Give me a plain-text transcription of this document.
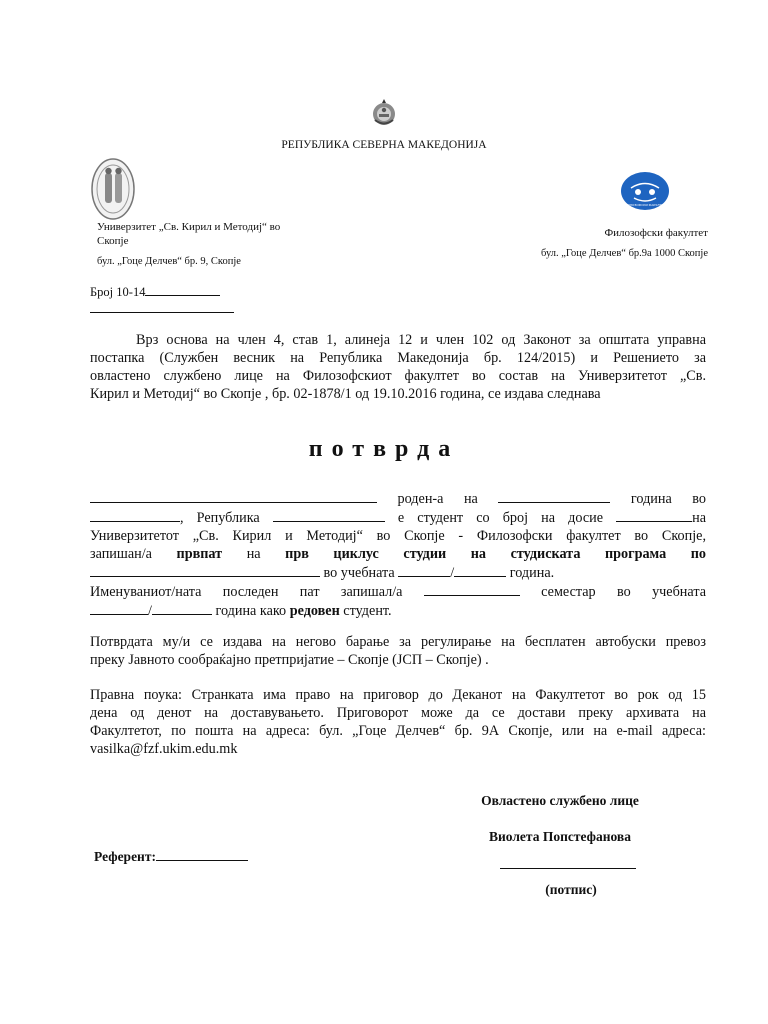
РЕПУБЛИКА СЕВЕРНА МАКЕДОНИЈА
ФИЛОЗОФСКИ ФАКУЛТЕТ
Универзитет „Св. Кирил и Методиј“ во Скопје
бул. „Гоце Делчев“ бр. 9, Скопје
Филозофски факултет
бул. „Гоце Делчев“ бр.9а 1000 Скопје
Број 10-14
Врз основа на член 4, став 1, алинеја 12 и член 102 од Законот за општата управна
постапка (Службен весник на Република Македонија бр. 124/2015) и Решението за
овластено службено лице на Филозофскиот факултет во состав на Универзитетот „Св.
Кирил и Методиј“ во Скопје , бр. 02-1878/1 од 19.10.2016 година, се издава следнава
потврда
роден-а на	година во
, Република	е студент со број на досие	на
Универзитетот „Св. Кирил и Методиј“ во Скопје - Филозофски факултет во Скопје,
запишан/а првпат на прв циклус студии на студиската програма по
во учебната	/	година.
Именуваниот/ната последен пат запишал/а	семестар во учебната
/	година како редовен студент.
Потврдата му/и се издава на негово барање за регулирање на бесплатен автобуски превоз
преку Јавното сообраќајно претпријатие – Скопје (ЈСП – Скопје) .
Правна поука: Странката има право на приговор до Деканот на Факултетот во рок од 15
дена од денот на доставувањето. Приговорот може да се достави преку архивата на
Факултетот, по пошта на адреса: бул. „Гоце Делчев“ бр. 9А Скопје, или на e-mail адреса:
vasilka@fzf.ukim.edu.mk
Овластено службено лице
Виолета Попстефанова
(потпис)
Референт:
